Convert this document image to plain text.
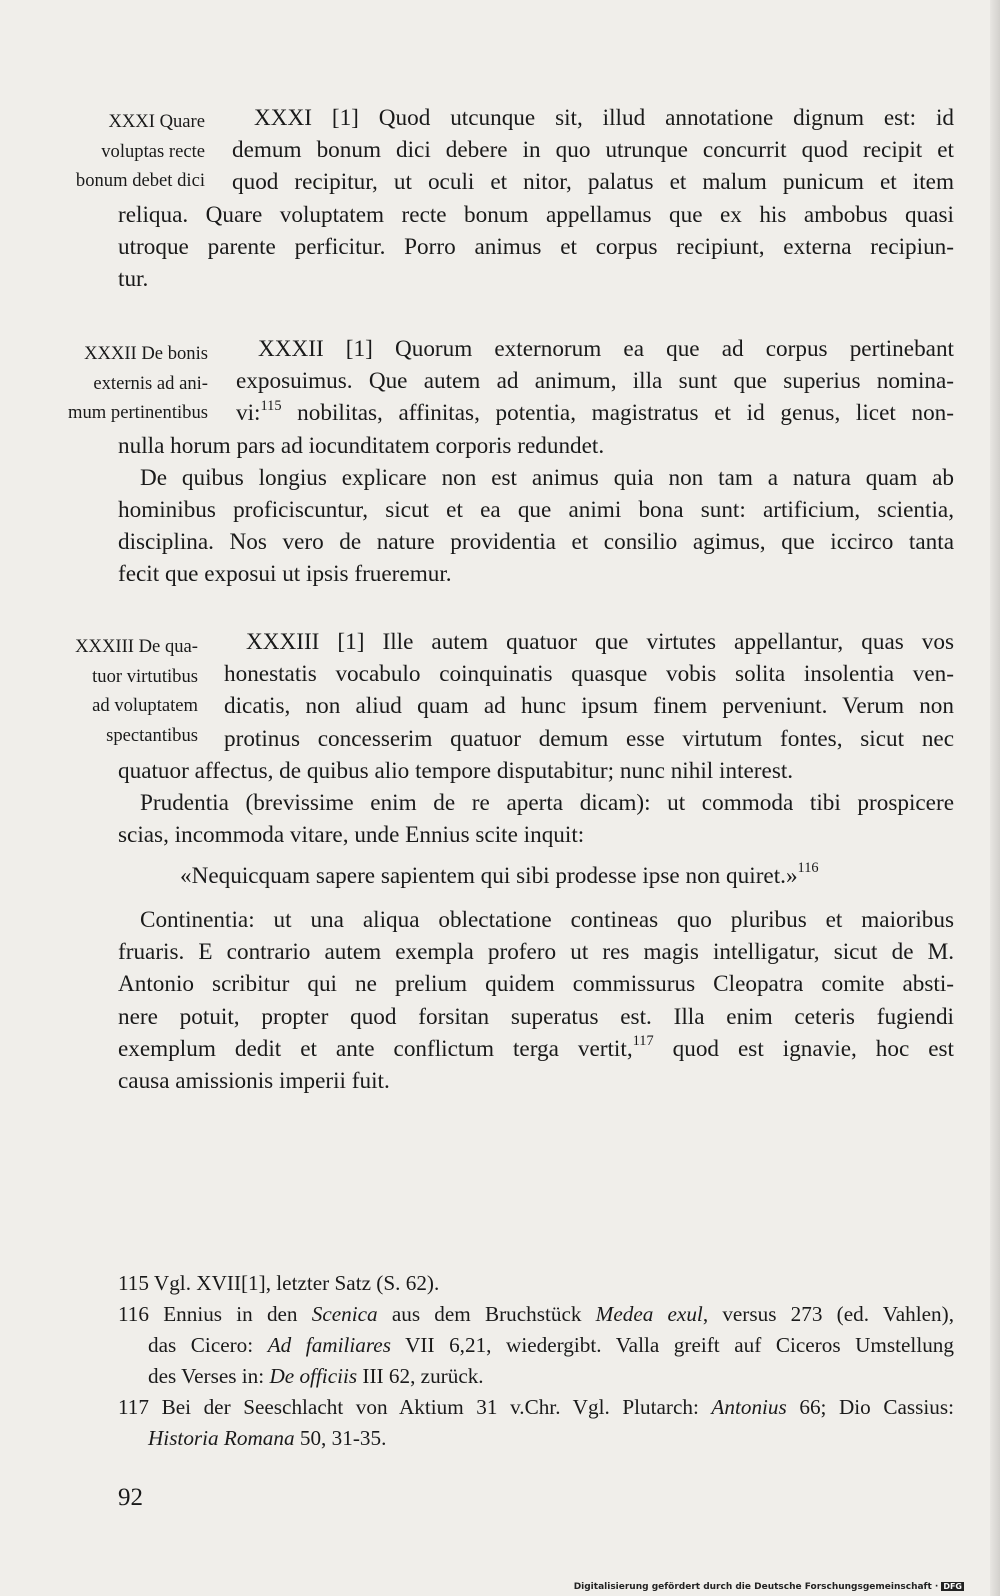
XXXI Quare
voluptas recte
bonum debet dici
XXXII De bonis
externis ad ani-
mum pertinentibus
XXXIII De qua-
tuor virtutibus
ad voluptatem
spectantibus
XXXI [1] Quod utcunque sit, illud annotatione dignum est: id
demum bonum dici debere in quo utrunque concurrit quod recipit et
quod recipitur, ut oculi et nitor, palatus et malum punicum et item
reliqua. Quare voluptatem recte bonum appellamus que ex his ambobus quasi
utroque parente perficitur. Porro animus et corpus recipiunt, externa recipiun-
tur.
XXXII [1] Quorum externorum ea que ad corpus pertinebant
exposuimus. Que autem ad animum, illa sunt que superius nomina-
vi:$^{115}$ nobilitas, affinitas, potentia, magistratus et id genus, licet non-
nulla horum pars ad iocunditatem corporis redundet.
De quibus longius explicare non est animus quia non tam a natura quam ab
hominibus proficiscuntur, sicut et ea que animi bona sunt: artificium, scientia,
disciplina. Nos vero de nature providentia et consilio agimus, que iccirco tanta
fecit que exposui ut ipsis frueremur.
XXXIII [1] Ille autem quatuor que virtutes appellantur, quas vos
honestatis vocabulo coinquinatis quasque vobis solita insolentia ven-
dicatis, non aliud quam ad hunc ipsum finem perveniunt. Verum non
protinus concesserim quatuor demum esse virtutum fontes, sicut nec
quatuor affectus, de quibus alio tempore disputabitur; nunc nihil interest.
Prudentia (brevissime enim de re aperta dicam): ut commoda tibi prospicere
scias, incommoda vitare, unde Ennius scite inquit:
«Nequicquam sapere sapientem qui sibi prodesse ipse non quiret.»$^{116}$
Continentia: ut una aliqua oblectatione contineas quo pluribus et maioribus
fruaris. E contrario autem exempla profero ut res magis intelligatur, sicut de M.
Antonio scribitur qui ne prelium quidem commissurus Cleopatra comite absti-
nere potuit, propter quod forsitan superatus est. Illa enim ceteris fugiendi
exemplum dedit et ante conflictum terga vertit,$^{117}$ quod est ignavie, hoc est
causa amissionis imperii fuit.
115 Vgl. XVII[1], letzter Satz (S. 62).
116 Ennius in den Scenica aus dem Bruchstück Medea exul, versus 273 (ed. Vahlen),
das Cicero: Ad familiares VII 6,21, wiedergibt. Valla greift auf Ciceros Umstellung
des Verses in: De officiis III 62, zurück.
117 Bei der Seeschlacht von Aktium 31 v.Chr. Vgl. Plutarch: Antonius 66; Dio Cassius:
Historia Romana 50, 31-35.
92
Digitalisierung gefördert durch die Deutsche Forschungsgemeinschaft · DFG
